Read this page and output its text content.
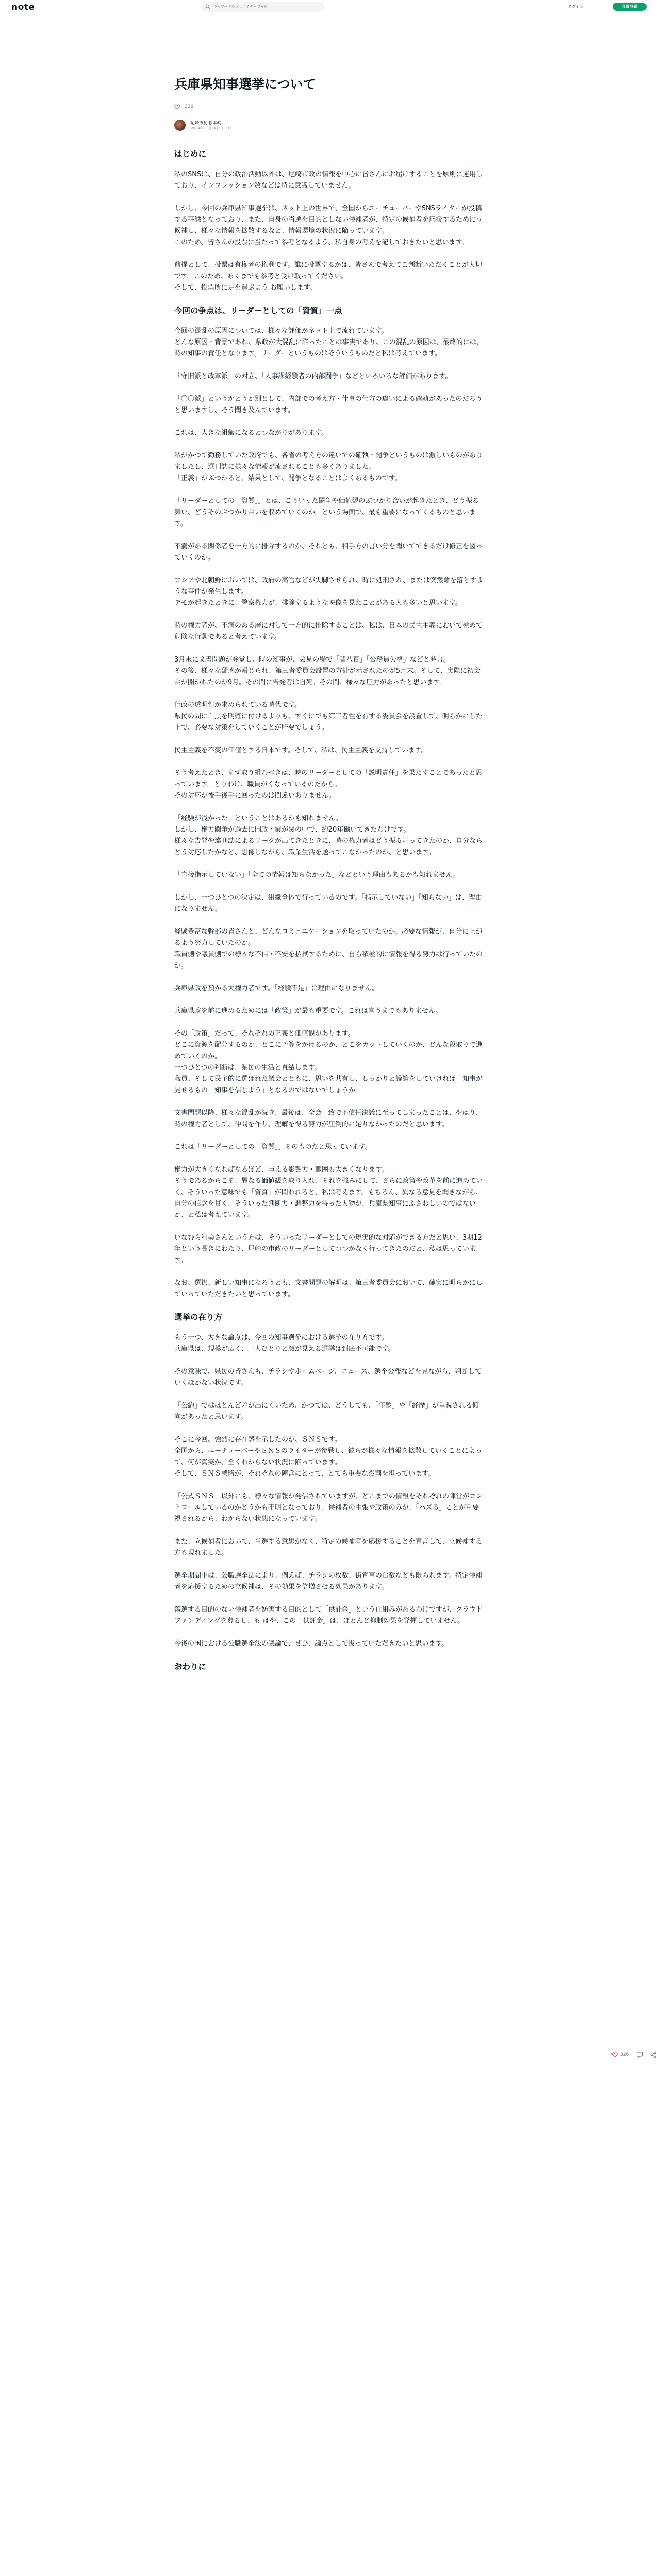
note
キーワードやクリエイターで検索	ログイン	会員登録
兵庫県知事選挙について
326
尼崎市長 松本眞
2024年11月14日 10:33
はじめに

私のSNSは、自分の政治活動以外は、尼崎市政の情報を中心に皆さんにお届けすることを原則に運用しており、インプレッション数などは特に意識していません。

しかし、今回の兵庫県知事選挙は、ネット上の世界で、全国からユーチューバーやSNSライターが投稿する事態となっており、また、自身の当選を目的としない候補者が、特定の候補者を応援するために立候補し、様々な情報を拡散するなど、情報環境の状況に陥っています。
このため、皆さんの投票に当たって参考となるよう、私自身の考えを記しておきたいと思います。

前提として、投票は有権者の権利です。誰に投票するかは、皆さんで考えてご判断いただくことが大切です。このため、あくまでも参考と受け取ってください。
そして、投票所に足を運ぶよう お願いします。

今回の争点は、リーダーとしての「資質」一点

今回の混乱の原因については、様々な評価がネット上で流れています。
どんな原因・背景であれ、県政が大混乱に陥ったことは事実であり、この混乱の原因は、最終的には、時の知事の責任となります。リーダーというものはそういうものだと私は考えています。

「守旧派と改革派」の対立、「人事課経験者の内部闘争」などといろいろな評価があります。

「〇〇派」というかどうか別として、内部での考え方・仕事の仕方の違いによる確執があったのだろうと思いますし、そう聞き及んでいます。

これは、大きな組織になるとつながりがあります。

私がかつて勤務していた政府でも、各省の考え方の違いでの確執・闘争というものは激しいものがありましたし、選刊誌に様々な情報が流されることも多くありました。
「正義」がぶつかると、結果として、闘争となることはよくあるものです。

「リーダーとしての「資質」」とは、こういった闘争や価値観のぶつかり合いが起きたとき、どう振る舞い、どうそのぶつかり合いを収めていくのか。という場面で、最も重要になってくるものと思います。

不満がある関係者を一方的に排除するのか、それとも、相手方の言い分を聞いてできるだけ修正を図っていくのか。

ロシアや北朝鮮においては、政府の高官などが失脚させられ、時に処刑され、または突然命を落とすような事件が発生します。
デモが起きたときに、警察権力が、排除するような映像を見たことがある人も多いと思います。

時の権力者が、不満のある層に対して一方的に排除することは、私は、日本の民主主義において極めて危険な行動であると考えています。

3月末に文書問題が発覚し、時の知事が、会見の場で「嘘八百」「公務員失格」などと発言。
その後、様々な疑惑が報じられ、第三者委員会設置の方針が示されたのが5月末。そして、実際に初会合が開かれたのが9月。その間に告発者は自死。その間、様々な圧力があったと思います。

行政の透明性が求められている時代です。
県民の間に白黒を明確に付けるよりも、すぐにでも第三者性を有する委員会を設置して、明らかにした上で、必要な対策をしていくことが肝要でしょう。

民主主義を不変の価値とする日本です。そして、私は、民主主義を支持しています。

そう考えたとき、まず取り組むべきは、時のリーダーとしての「説明責任」を果たすことであったと思っています。とりわけ、職員がくなっているのだから。
その対応が後手後手に回ったのは間違いありません。

「経験が浅かった」ということはあるかも知れません。
しかし、権力闘争が過去に国政・霞が関の中で、約20年働いてきたわけです。
様々な告発や違刊誌によるリークが出てきたときに、時の権力者はどう振る舞ってきたのか、自分ならどう対応したかなど、想像しながら、職業生活を送ってこなかったのか、と思います。

「直接指示していない」「全ての情報は知らなかった」などという理由もあるかも知れません。

しかし、一つひとつの決定は、組織全体で行っているのです。「指示していない」「知らない」は、理由になりません。

経験豊富な幹部の皆さんと、どんなコミュニケーションを取っていたのか。必要な情報が、自分に上がるよう努力していたのか。
職員側や議員側での様々な不信・不安を払拭するために、自ら積極的に情報を得る努力は行っていたのか。

兵庫県政を預かる大権力者です。「経験不足」は理由になりません。

兵庫県政を前に進めるためには「政策」が最も重要です。これは言うまでもありません。

その「政策」だって、それぞれの正義と価値観があります。
どこに資源を配分するのか、どこに予算をかけるのか、どこをカットしていくのか、どんな段取りで進めていくのか。
一つひとつの判断は、県民の生活と直結します。
職員、そして民主的に選ばれた議会とともに、思いを共有し、しっかりと議論をしていければ「知事が見せるもの」知事を信じよう」となるのではないでしょうか。

文書問題以降、様々な混乱が続き、最後は、全会一致で不信任決議に至ってしまったことは、やはり、時の権力者として、仲間を作り、理解を得る努力が圧倒的に足りなかったのだと思います。

これは「リーダーとしての「資質」」そのものだと思っています。

権力が大きくなればなるほど、与える影響力・範囲も大きくなります。
そうであるからこそ、異なる価値観を取り入れ、それを強みにして、さらに政策や改革を前に進めていく、そういった意味でも「資質」が問われると、私は考えます。もちろん、異なる意見を聞きながら、自分の信念を貫く、そういった判断力・調整力を持った人物が、兵庫県知事にふさわしいのではないか、と私は考えています。

いなむら和美さんという方は、そういったリーダーとしての現実的な対応ができる方だと思い、3期12年という長きにわたり、尼崎の市政のリーダーとしてつつがなく行ってきたのだと、私は思っています。

なお、選択、新しい知事になろうとも、文書問題の解明は、第三者委員会において、確実に明らかにしていっていただきたいと思っています。

選挙の在り方

もう一つ、大きな論点は、今回の知事選挙における選挙の在り方です。
兵庫県は、規模が広く、一人ひとりと顔が見える選挙は到底不可能です。

その意味で、県民の皆さんも、チラシやホームページ、ニュース、選挙公報などを見ながら、判断していくほかない状況です。

「公約」ではほとんど差が出にくいため、かつては、どうしても、「年齢」や「経歴」が重視される傾向があったと思います。

そこに今回、強烈に存在感を示したのが、ＳＮＳです。
全国から、ユーチューバーやＳＮＳのライターが参戦し、彼らが様々な情報を拡散していくことによって、何が真実か、全くわからない状況に陥っています。
そして、ＳＮＳ戦略が、それぞれの陣営にとって、とても重要な役割を担っています。

「公式ＳＮＳ」以外にも、様々な情報が発信されていますが、どこまでの情報をそれぞれの陣営がコントロールしているのかどうかも不明となっており、候補者の主張や政策のみが、「バズる」ことが重要視されるから、わからない状態になっています。

また、立候補者において、当選する意思がなく、特定の候補者を応援することを宣言して、立候補する方も現れました。

選挙期間中は、公職選挙法により、例えば、チラシの枚数、街宣車の台数なども限られます。特定候補者を応援するための立候補は、その効果を倍増させる効果があります。

落選する目的のない候補者を妨害する目的として「供託金」という仕組みがあるわけですが、クラウドファンディングを募るし、も はや、この「供託金」は、ほとんど抑制効果を発揮していません。

今後の国における公職選挙法の議論で、ぜひ、論点として扱っていただきたいと思います。

おわりに
326
